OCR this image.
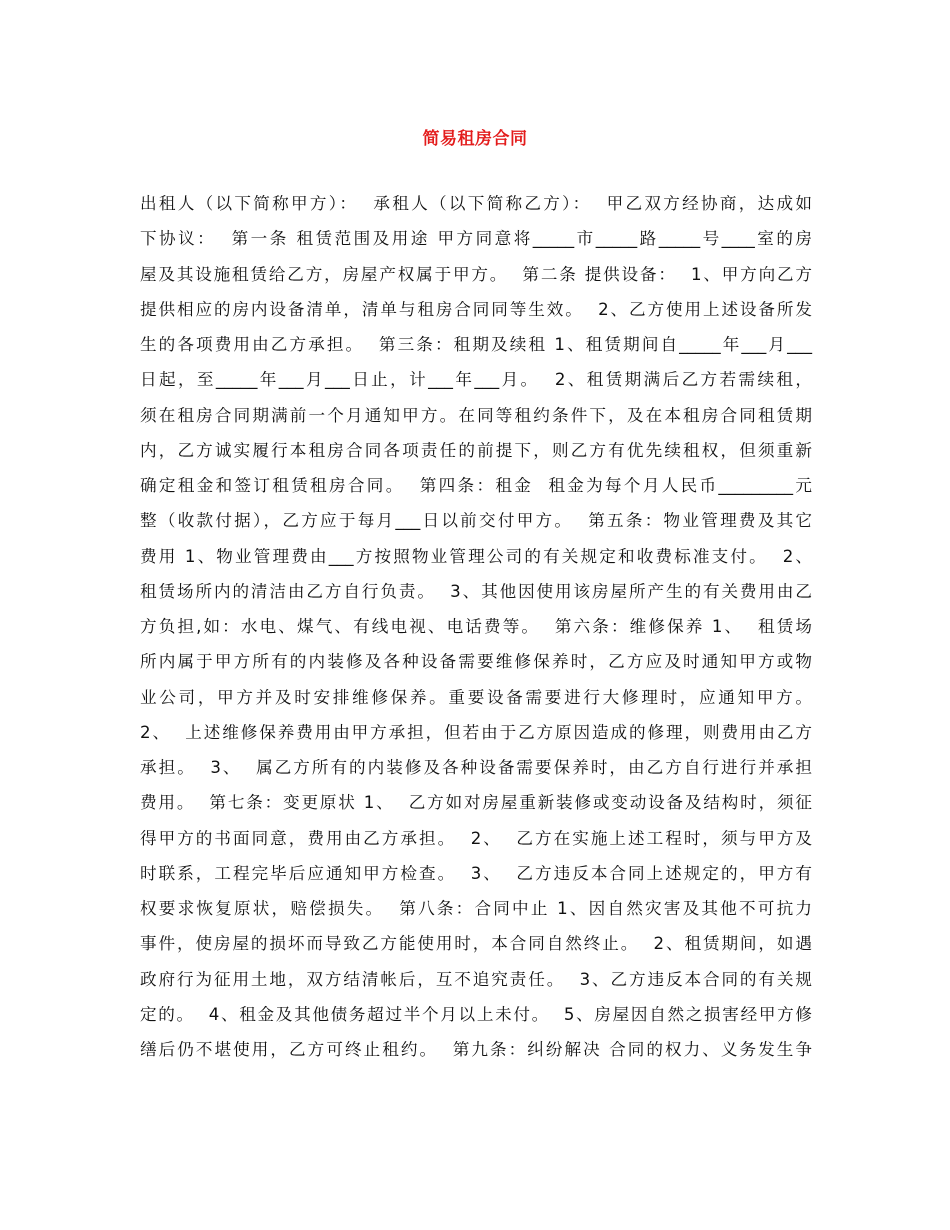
简易租房合同
出租人（以下简称甲方）：  承租人（以下简称乙方）：  甲乙双方经协商，达成如
下协议：  第一条 租赁范围及用途 甲方同意将_____市_____路_____号____室的房
屋及其设施租赁给乙方，房屋产权属于甲方。  第二条 提供设备：  1、甲方向乙方
提供相应的房内设备清单，清单与租房合同同等生效。  2、乙方使用上述设备所发
生的各项费用由乙方承担。  第三条：租期及续租 1、租赁期间自_____年___月___
日起，至_____年___月___日止，计___年___月。  2、租赁期满后乙方若需续租，
须在租房合同期满前一个月通知甲方。在同等租约条件下，及在本租房合同租赁期
内，乙方诚实履行本租房合同各项责任的前提下，则乙方有优先续租权，但须重新
确定租金和签订租赁租房合同。  第四条：租金  租金为每个月人民币_________元
整（收款付据），乙方应于每月___日以前交付甲方。  第五条：物业管理费及其它
费用 1、物业管理费由___方按照物业管理公司的有关规定和收费标准支付。  2、
租赁场所内的清洁由乙方自行负责。  3、其他因使用该房屋所产生的有关费用由乙
方负担,如：水电、煤气、有线电视、电话费等。  第六条：维修保养 1、  租赁场
所内属于甲方所有的内装修及各种设备需要维修保养时，乙方应及时通知甲方或物
业公司，甲方并及时安排维修保养。重要设备需要进行大修理时，应通知甲方。
2、  上述维修保养费用由甲方承担，但若由于乙方原因造成的修理，则费用由乙方
承担。  3、  属乙方所有的内装修及各种设备需要保养时，由乙方自行进行并承担
费用。  第七条：变更原状 1、  乙方如对房屋重新装修或变动设备及结构时，须征
得甲方的书面同意，费用由乙方承担。  2、  乙方在实施上述工程时，须与甲方及
时联系，工程完毕后应通知甲方检查。  3、  乙方违反本合同上述规定的，甲方有
权要求恢复原状，赔偿损失。  第八条：合同中止 1、因自然灾害及其他不可抗力
事件，使房屋的损坏而导致乙方能使用时，本合同自然终止。  2、租赁期间，如遇
政府行为征用土地，双方结清帐后，互不追究责任。  3、乙方违反本合同的有关规
定的。  4、租金及其他债务超过半个月以上未付。  5、房屋因自然之损害经甲方修
缮后仍不堪使用，乙方可终止租约。  第九条：纠纷解决 合同的权力、义务发生争
